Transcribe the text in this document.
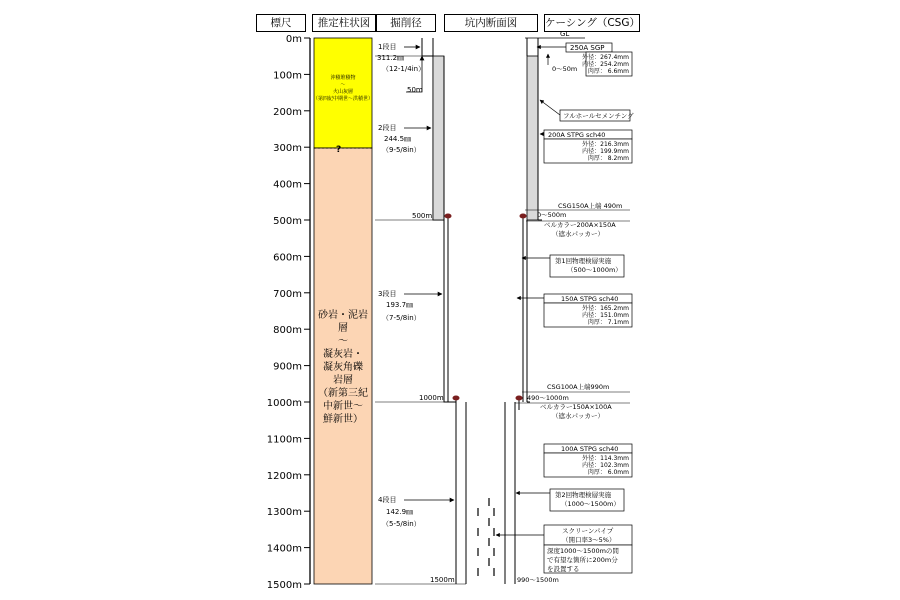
標尺	推定柱状図	掘削径	坑内断面図	ケーシング（CSG）
0m
100m
200m
300m
400m
500m
600m
700m
800m
900m
1000m
1100m
1200m
1300m
1400m
1500m
?
沖積堆積物
～
火山灰層
（第四紀中期世～洪積世）
砂岩・泥岩
層
～
凝灰岩・
凝灰角礫
岩層
（新第三紀
中新世～
鮮新世）
1段目
311.2㎜
（12-1/4in）
50m
2段目
244.5㎜
（9-5/8in）
500m
3段目
193.7㎜
（7-5/8in）
1000m
4段目
142.9㎜
（5-5/8in）
1500m
GL
250A SGP
外径：267.4mm
内径：254.2mm
肉厚： 6.6mm
0～50m
フルホールセメンチング
200A STPG sch40
外径：216.3mm
内径：199.9mm
肉厚： 8.2mm
CSG150A上端 490m
0～500m
ベルカラー200A×150A
（遮水パッカー）
第1回物理検層実施
（500～1000m）
150A STPG sch40
外径：165.2mm
内径：151.0mm
肉厚： 7.1mm
CSG100A上端990m
490～1000m
ベルカラー150A×100A
（遮水パッカー）
100A STPG sch40
外径：114.3mm
内径：102.3mm
肉厚： 6.0mm
第2回物理検層実施
（1000～1500m）
スクリーンパイプ
（開口率3～5%）
深度1000～1500mの間
で有望な箇所に200m分
を設置する
990～1500m
